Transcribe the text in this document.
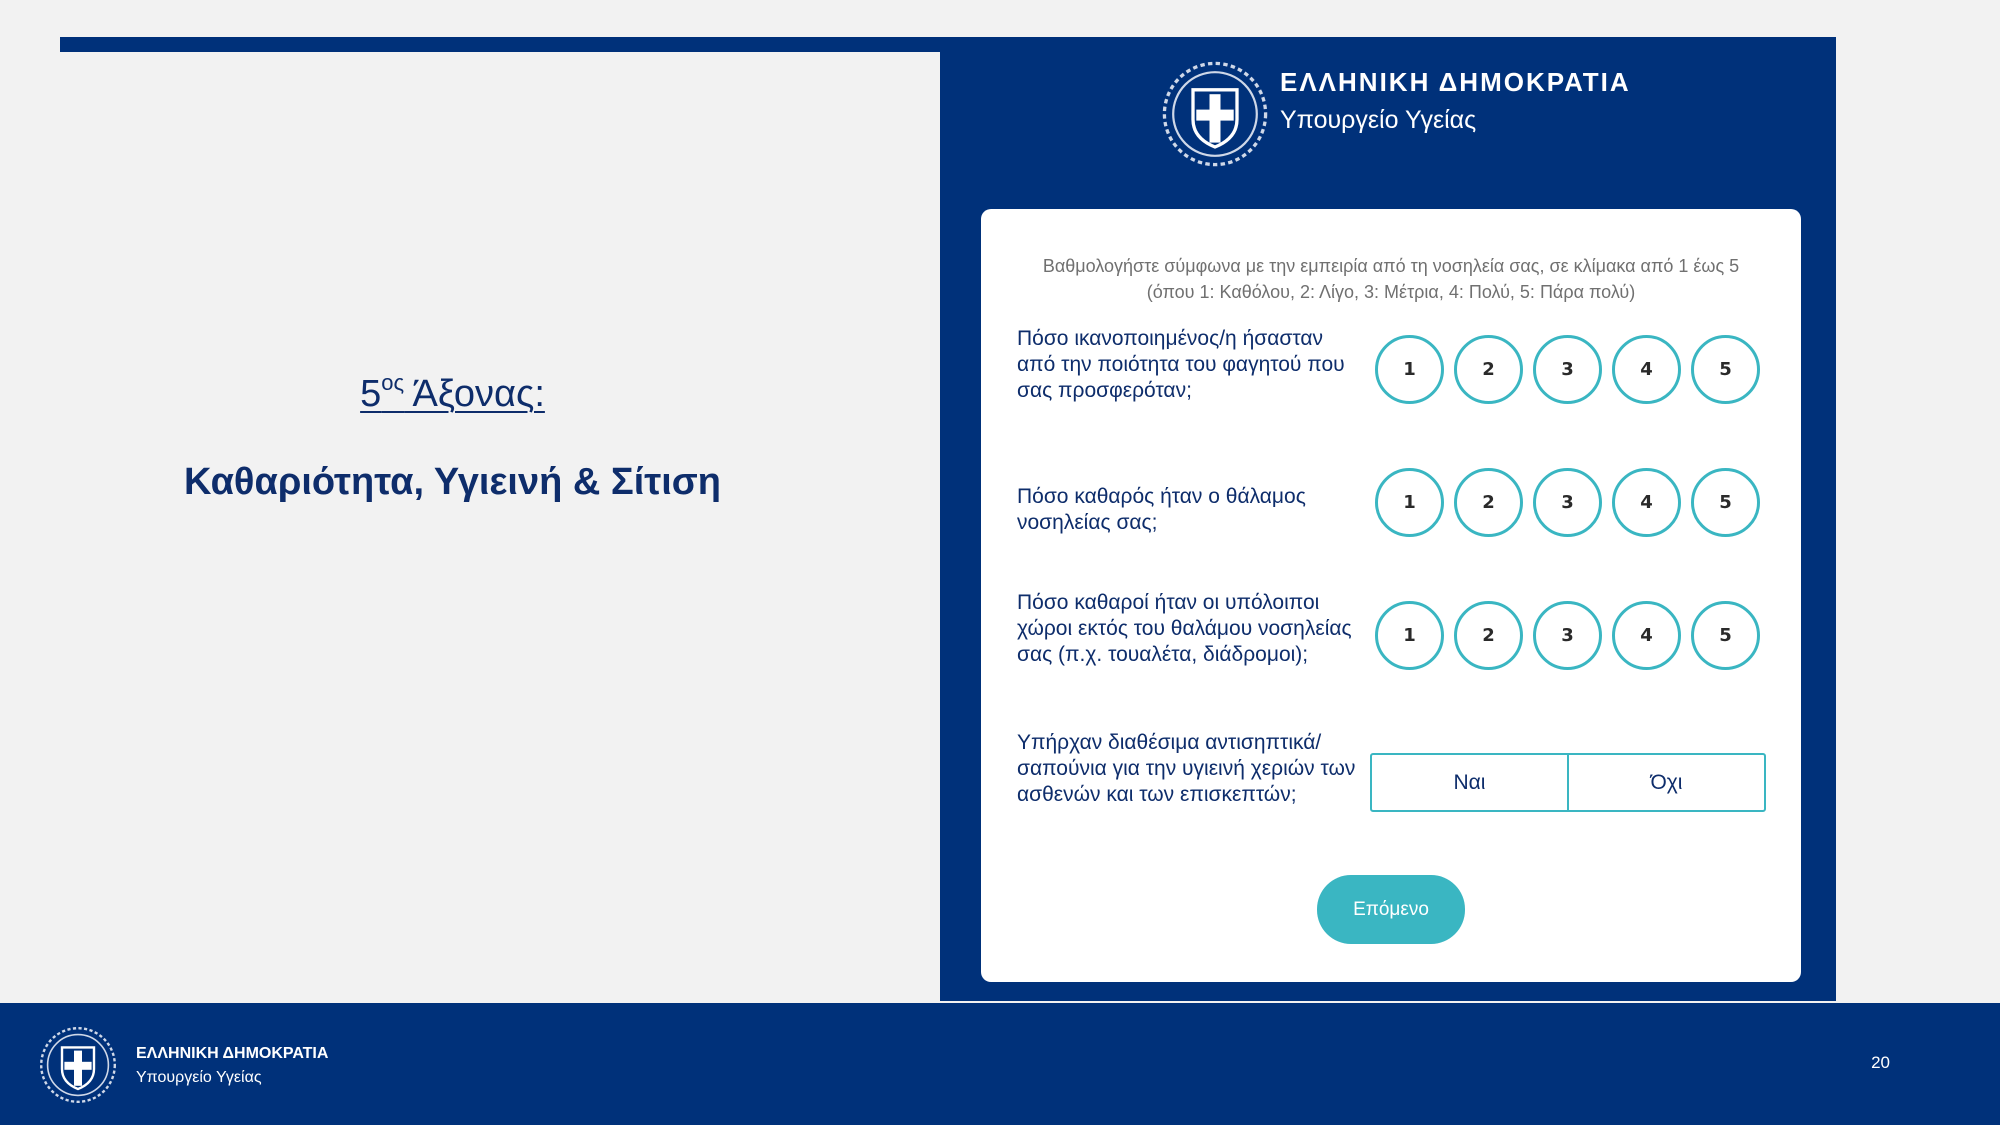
$5^{o\varsigma}$ Άξονας:
Καθαριότητα, Υγιεινή & Σίτιση
ΕΛΛΗΝΙΚΗ ΔΗΜΟΚΡΑΤΙΑ
Υπουργείο Υγείας
Βαθμολογήστε σύμφωνα με την εμπειρία από τη νοσηλεία σας, σε κλίμακα από 1 έως 5
(όπου 1: Καθόλου, 2: Λίγο, 3: Μέτρια, 4: Πολύ, 5: Πάρα πολύ)
Πόσο ικανοποιημένος/η ήσασταν από την ποιότητα του φαγητού που σας προσφερόταν;
1	2	3	4	5
Πόσο καθαρός ήταν ο θάλαμος νοσηλείας σας;
1	2	3	4	5
Πόσο καθαροί ήταν οι υπόλοιποι χώροι εκτός του θαλάμου νοσηλείας σας (π.χ. τουαλέτα, διάδρομοι);
1	2	3	4	5
Υπήρχαν διαθέσιμα αντισηπτικά/σαπούνια για την υγιεινή χεριών των ασθενών και των επισκεπτών;
Ναι	Όχι
Επόμενο
ΕΛΛΗΝΙΚΗ ΔΗΜΟΚΡΑΤΙΑ
Υπουργείο Υγείας
20
